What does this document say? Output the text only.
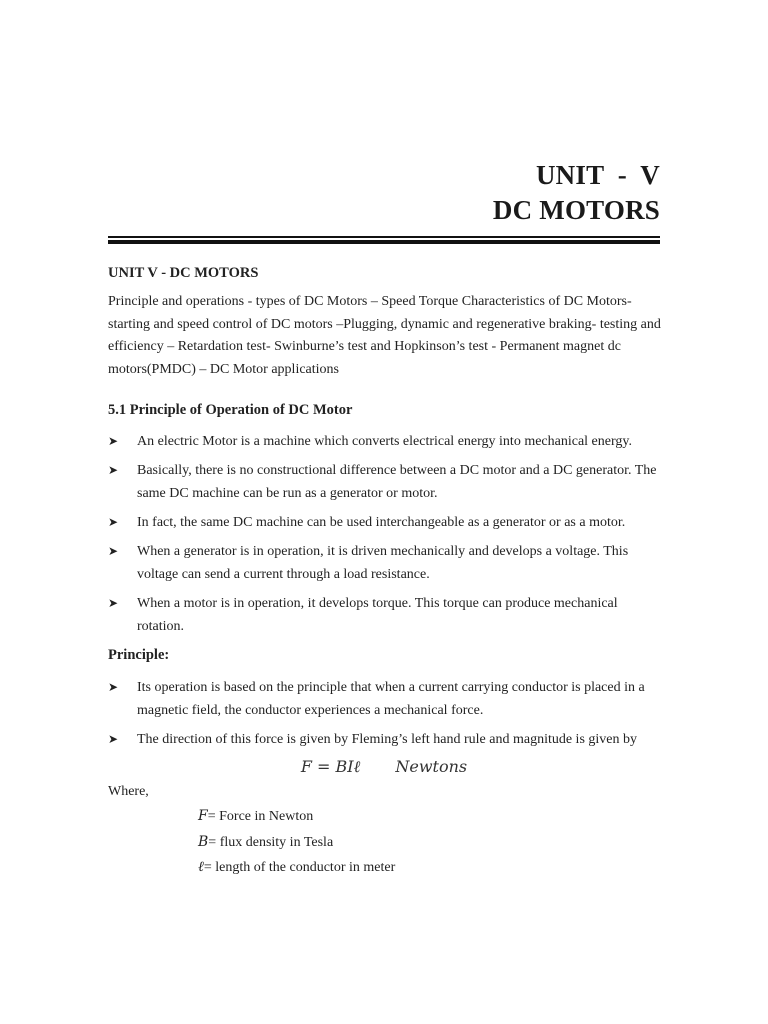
UNIT  -  V
DC MOTORS
UNIT V - DC MOTORS
Principle and operations - types of DC Motors – Speed Torque Characteristics of DC Motors-starting and speed control of DC motors –Plugging, dynamic and regenerative braking- testing and efficiency – Retardation test- Swinburne’s test and Hopkinson’s test - Permanent magnet dc motors(PMDC) – DC Motor applications
5.1 Principle of Operation of DC Motor
➤ An electric Motor is a machine which converts electrical energy into mechanical energy.
➤ Basically, there is no constructional difference between a DC motor and a DC generator. The same DC machine can be run as a generator or motor.
➤ In fact, the same DC machine can be used interchangeable as a generator or as a motor.
➤ When a generator is in operation, it is driven mechanically and develops a voltage. This voltage can send a current through a load resistance.
➤ When a motor is in operation, it develops torque. This torque can produce mechanical rotation.
Principle:
➤ Its operation is based on the principle that when a current carrying conductor is placed in a magnetic field, the conductor experiences a mechanical force.
➤ The direction of this force is given by Fleming’s left hand rule and magnitude is given by
F = BIℓ Newtons
Where,
F= Force in Newton
B= flux density in Tesla
ℓ= length of the conductor in meter
